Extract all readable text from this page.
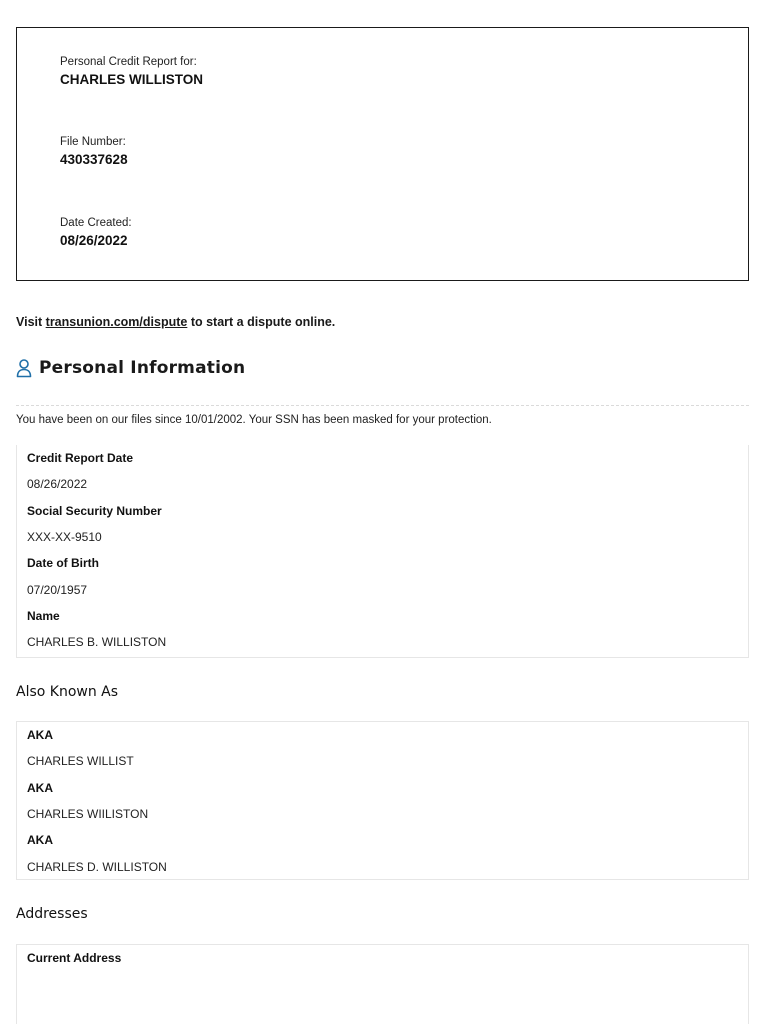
Personal Credit Report for:
CHARLES WILLISTON
File Number:
430337628
Date Created:
08/26/2022
Visit transunion.com/dispute to start a dispute online.
Personal Information
You have been on our files since 10/01/2002. Your SSN has been masked for your protection.
Credit Report Date
08/26/2022
Social Security Number
XXX-XX-9510
Date of Birth
07/20/1957
Name
CHARLES B. WILLISTON
Also Known As
AKA
CHARLES WILLIST
AKA
CHARLES WIILISTON
AKA
CHARLES D. WILLISTON
Addresses
Current Address
